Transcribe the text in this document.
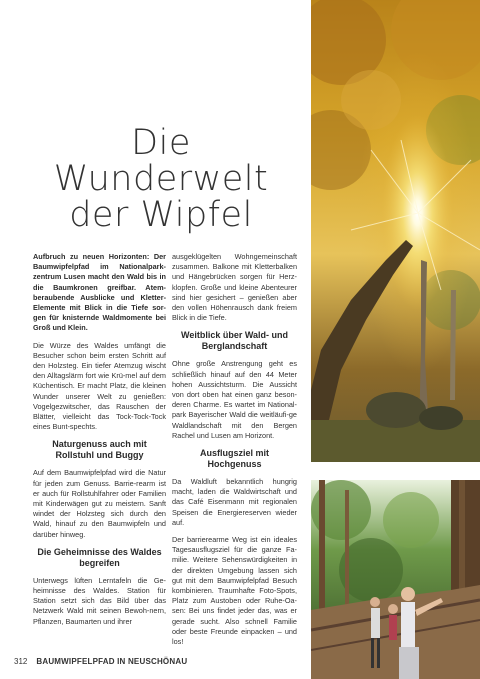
Die
Wunderwelt
der Wipfel

Aufbruch zu neuen Horizonten: Der Baumwipfelpfad im Nationalpark-zentrum Lusen macht den Wald bis in die Baumkronen greifbar. Atem-beraubende Ausblicke und Kletter-Elemente mit Blick in die Tiefe sor-gen für knisternde Waldmomente bei Groß und Klein.

Die Würze des Waldes umfängt die Besucher schon beim ersten Schritt auf den Holzsteg. Ein tiefer Atemzug wischt den Alltagslärm fort wie Krü-mel auf dem Küchentisch. Er macht Platz, die kleinen Wunder unserer Welt zu genießen: Vogelgezwitscher, das Rauschen der Blätter, vielleicht das Tock-Tock-Tock eines Bunt-spechts.

Naturgenuss auch mit Rollstuhl und Buggy

Auf dem Baumwipfelpfad wird die Natur für jeden zum Genuss. Barrie-rearm ist er auch für Rollstuhlfahrer oder Familien mit Kinderwägen gut zu meistern. Sanft windet der Holzsteg sich durch den Wald, hinauf zu den Baumwipfeln und darüber hinweg.

Die Geheimnisse des Waldes begreifen

Unterwegs lüften Lerntafeln die Ge-heimnisse des Waldes. Station für Station setzt sich das Bild über das Netzwerk Wald mit seinen Bewoh-nern, Pflanzen, Baumarten und ihrer

ausgeklügelten Wohngemeinschaft zusammen. Balkone mit Kletterbalken und Hängebrücken sorgen für Herz-klopfen. Große und kleine Abenteurer sind hier gesichert – genießen aber den vollen Höhenrausch dank freiem Blick in die Tiefe.

Weitblick über Wald- und Berglandschaft

Ohne große Anstrengung geht es schließlich hinauf auf den 44 Meter hohen Aussichtsturm. Die Aussicht von dort oben hat einen ganz beson-deren Charme. Es wartet im National-park Bayerischer Wald die weitläufi-ge Waldlandschaft mit den Bergen Rachel und Lusen am Horizont.

Ausflugsziel mit Hochgenuss

Da Waldluft bekanntlich hungrig macht, laden die Waldwirtschaft und das Café Eisenmann mit regionalen Speisen die Energiereserven wieder auf.

Der barrierearme Weg ist ein ideales Tagesausflugsziel für die ganze Fa-milie. Weitere Sehenswürdigkeiten in der direkten Umgebung lassen sich gut mit dem Baumwipfelpfad Besuch kombinieren. Traumhafte Foto-Spots, Platz zum Austoben oder Ruhe-Oa-sen: Bei uns findet jeder das, was er gerade sucht. Also schnell Familie oder beste Freunde einpacken – und los!

312 BAUMWIPFELPFAD IN NEUSCHÖNAU
